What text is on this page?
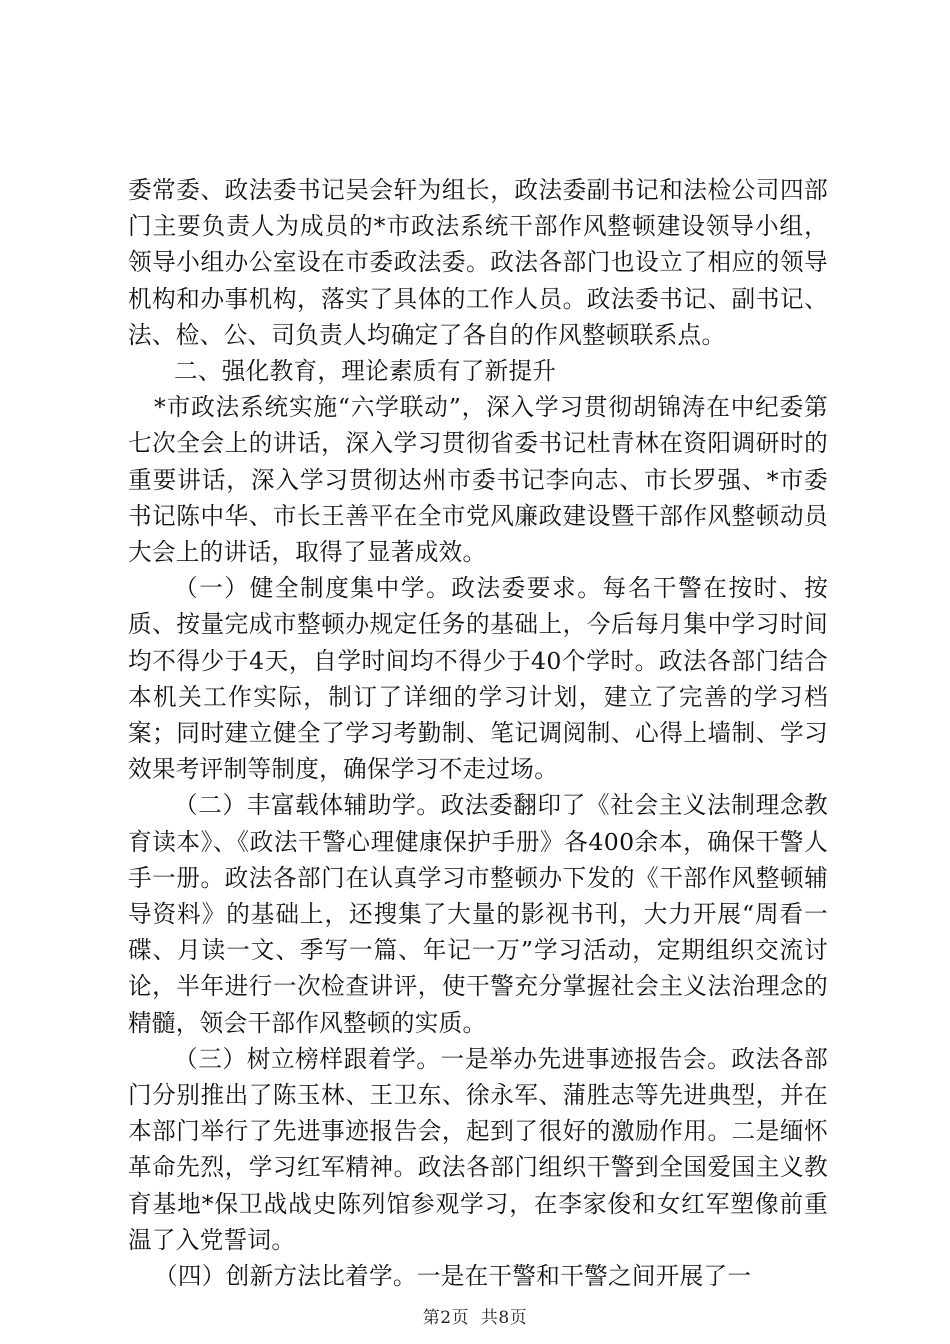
委常委、政法委书记吴会轩为组长，政法委副书记和法检公司四部门主要负责人为成员的*市政法系统干部作风整顿建设领导小组，领导小组办公室设在市委政法委。政法各部门也设立了相应的领导机构和办事机构，落实了具体的工作人员。政法委书记、副书记、法、检、公、司负责人均确定了各自的作风整顿联系点。

二、强化教育，理论素质有了新提升

*市政法系统实施“六学联动”，深入学习贯彻胡锦涛在中纪委第七次全会上的讲话，深入学习贯彻省委书记杜青林在资阳调研时的重要讲话，深入学习贯彻达州市委书记李向志、市长罗强、*市委书记陈中华、市长王善平在全市党风廉政建设暨干部作风整顿动员大会上的讲话，取得了显著成效。

（一）健全制度集中学。政法委要求。每名干警在按时、按质、按量完成市整顿办规定任务的基础上，今后每月集中学习时间均不得少于4天，自学时间均不得少于40个学时。政法各部门结合本机关工作实际，制订了详细的学习计划，建立了完善的学习档案；同时建立健全了学习考勤制、笔记调阅制、心得上墙制、学习效果考评制等制度，确保学习不走过场。

（二）丰富载体辅助学。政法委翻印了《社会主义法制理念教育读本》、《政法干警心理健康保护手册》各400余本，确保干警人手一册。政法各部门在认真学习市整顿办下发的《干部作风整顿辅导资料》的基础上，还搜集了大量的影视书刊，大力开展“周看一碟、月读一文、季写一篇、年记一万”学习活动，定期组织交流讨论，半年进行一次检查讲评，使干警充分掌握社会主义法治理念的精髓，领会干部作风整顿的实质。

（三）树立榜样跟着学。一是举办先进事迹报告会。政法各部门分别推出了陈玉林、王卫东、徐永军、蒲胜志等先进典型，并在本部门举行了先进事迹报告会，起到了很好的激励作用。二是缅怀革命先烈，学习红军精神。政法各部门组织干警到全国爱国主义教育基地*保卫战战史陈列馆参观学习，在李家俊和女红军塑像前重温了入党誓词。

（四）创新方法比着学。一是在干警和干警之间开展了一

第2页  共8页
